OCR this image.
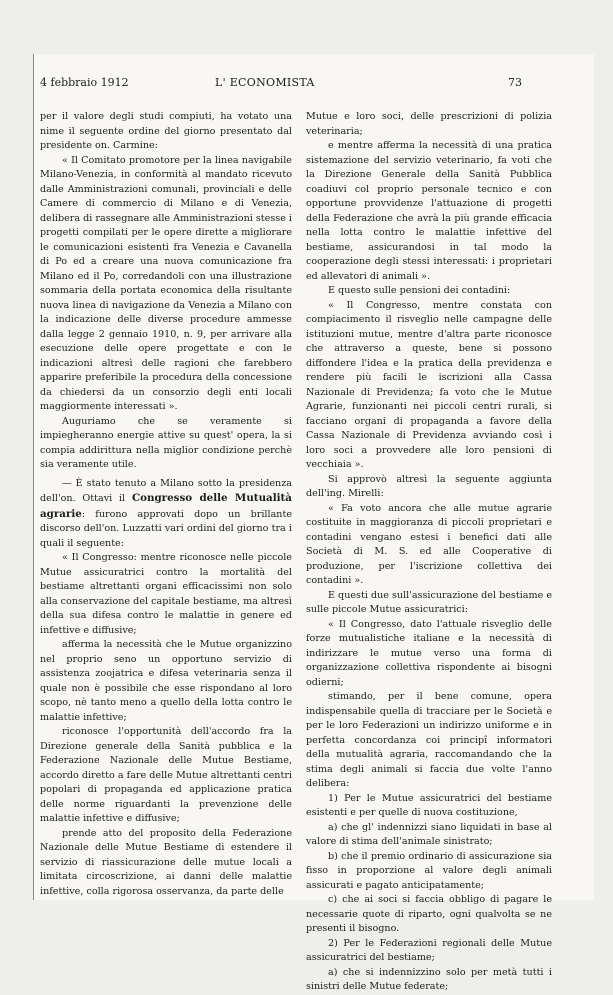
4 febbraio 1912	L' ECONOMISTA	73

per il valore degli studi compiuti, ha votato una nime il seguente ordine del giorno presentato dal presidente on. Carmine:

« Il Comitato promotore per la linea navigabile Milano-Venezia, in conformità al mandato ricevuto dalle Amministrazioni comunali, provinciali e delle Camere di commercio di Milano e di Venezia, delibera di rassegnare alle Amministrazioni stesse i progetti compilati per le opere dirette a migliorare le comunicazioni esistenti fra Venezia e Cavanella di Po ed a creare una nuova comunicazione fra Milano ed il Po, corredandoli con una illustrazione sommaria della portata economica della risultante nuova linea di navigazione da Venezia a Milano con la indicazione delle diverse procedure ammesse dalla legge 2 gennaio 1910, n. 9, per arrivare alla esecuzione delle opere progettate e con le indicazioni altresì delle ragioni che farebbero apparire preferibile la procedura della concessione da chiedersi da un consorzio degli enti locali maggiormente interessati ».

Auguriamo che se veramente si impiegheranno energie attive su quest' opera, la si compia addirittura nella miglior condizione perchè sia veramente utile.

— È stato tenuto a Milano sotto la presidenza dell'on. Ottavi il Congresso delle Mutualità agrarie: furono approvati dopo un brillante discorso dell'on. Luzzatti vari ordini del giorno tra i quali il seguente:

« Il Congresso: mentre riconosce nelle piccole Mutue assicuratrici contro la mortalità del bestiame altrettanti organi efficacissimi non solo alla conservazione del capitale bestiame, ma altresì della sua difesa contro le malattie in genere ed infettive e diffusive;

afferma la necessità che le Mutue organizzino nel proprio seno un opportuno servizio di assistenza zoojatrica e difesa veterinaria senza il quale non è possibile che esse rispondano al loro scopo, nè tanto meno a quello della lotta contro le malattie infettive;

riconosce l'opportunità dell'accordo fra la Direzione generale della Sanità pubblica e la Federazione Nazionale delle Mutue Bestiame, accordo diretto a fare delle Mutue altrettanti centri popolari di propaganda ed applicazione pratica delle norme riguardanti la prevenzione delle malattie infettive e diffusive;

prende atto del proposito della Federazione Nazionale delle Mutue Bestiame di estendere il servizio di riassicurazione delle mutue locali a limitata circoscrizione, ai danni delle malattie infettive, colla rigorosa osservanza, da parte delle

Mutue e loro soci, delle prescrizioni di polizia veterinaria;

e mentre afferma la necessità di una pratica sistemazione del servizio veterinario, fa voti che la Direzione Generale della Sanità Pubblica coadiuvi col proprio personale tecnico e con opportune provvidenze l'attuazione di progetti della Federazione che avrà la più grande efficacia nella lotta contro le malattie infettive del bestiame, assicurandosi in tal modo la cooperazione degli stessi interessati: i proprietari ed allevatori di animali ».

E questo sulle pensioni dei contadini:

« Il Congresso, mentre constata con compiacimento il risveglio nelle campagne delle istituzioni mutue, mentre d'altra parte riconosce che attraverso a queste, bene si possono diffondere l'idea e la pratica della previdenza e rendere più facili le iscrizioni alla Cassa Nazionale di Previdenza; fa voto che le Mutue Agrarie, funzionanti nei piccoli centri rurali, si facciano organi di propaganda a favore della Cassa Nazionale di Previdenza avviando così i loro soci a provvedere alle loro pensioni di vecchiaia ».

Si approvò altresì la seguente aggiunta dell'ing. Mirelli:

« Fa voto ancora che alle mutue agrarie costituite in maggioranza di piccoli proprietari e contadini vengano estesi i benefici dati alle Società di M. S. ed alle Cooperative di produzione, per l'iscrizione collettiva dei contadini ».

E questi due sull'assicurazione del bestiame e sulle piccole Mutue assicuratrici:

« Il Congresso, dato l'attuale risveglio delle forze mutualistiche italiane e la necessità di indirizzare le mutue verso una forma di organizzazione collettiva rispondente ai bisogni odierni;

stimando, per il bene comune, opera indispensabile quella di tracciare per le Società e per le loro Federazioni un indirizzo uniforme e in perfetta concordanza coi principî informatori della mutualità agraria, raccomandando che la stima degli animali si faccia due volte l'anno delibera:

1) Per le Mutue assicuratrici del bestiame esistenti e per quelle di nuova costituzione,

a) che gl' indennizzi siano liquidati in base al valore di stima dell'animale sinistrato;

b) che il premio ordinario di assicurazione sia fisso in proporzione al valore degli animali assicurati e pagato anticipatamente;

c) che ai soci si faccia obbligo di pagare le necessarie quote di riparto, ogni qualvolta se ne presenti il bisogno.

2) Per le Federazioni regionali delle Mutue assicuratrici del bestiame;

a) che si indennizzino solo per metà tutti i sinistri delle Mutue federate;
